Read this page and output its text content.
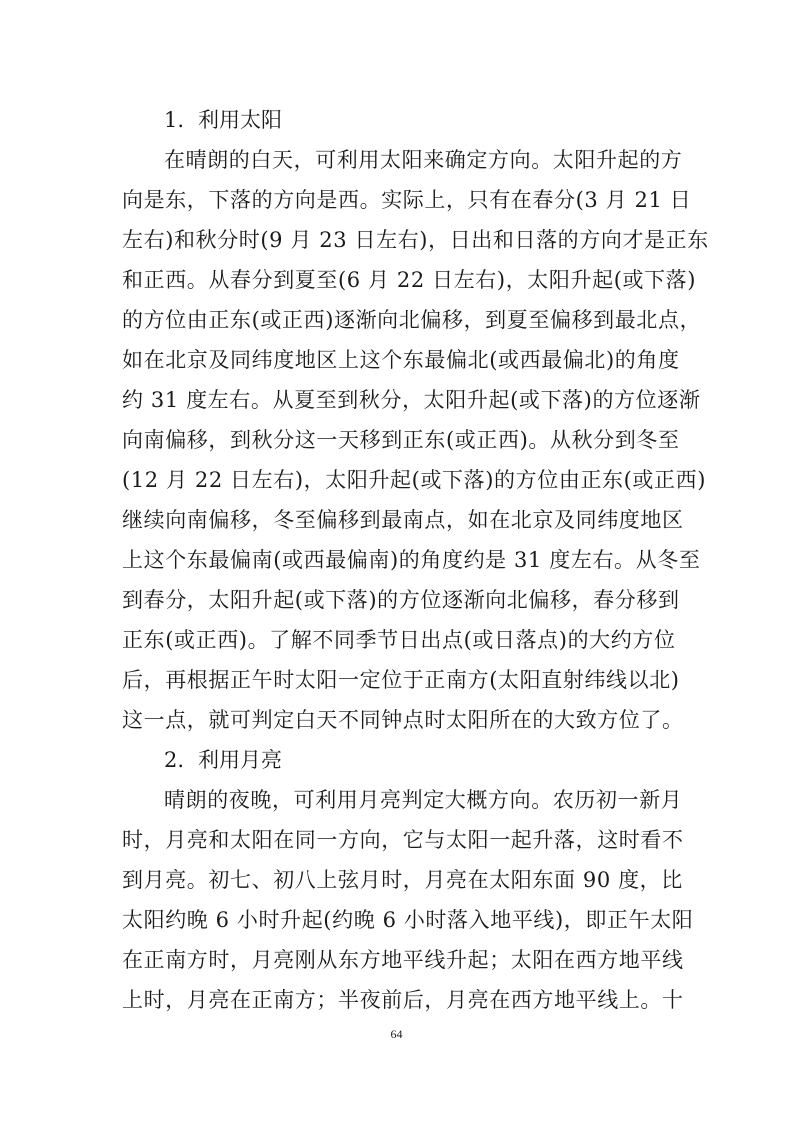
1. 利用太阳

在晴朗的白天，可利用太阳来确定方向。太阳升起的方
向是东，下落的方向是西。实际上，只有在春分(3 月 21 日
左右)和秋分时(9 月 23 日左右)，日出和日落的方向才是正东
和正西。从春分到夏至(6 月 22 日左右)，太阳升起(或下落)
的方位由正东(或正西)逐渐向北偏移，到夏至偏移到最北点，
如在北京及同纬度地区上这个东最偏北(或西最偏北)的角度
约 31 度左右。从夏至到秋分，太阳升起(或下落)的方位逐渐
向南偏移，到秋分这一天移到正东(或正西)。从秋分到冬至
(12 月 22 日左右)，太阳升起(或下落)的方位由正东(或正西)
继续向南偏移，冬至偏移到最南点，如在北京及同纬度地区
上这个东最偏南(或西最偏南)的角度约是 31 度左右。从冬至
到春分，太阳升起(或下落)的方位逐渐向北偏移，春分移到
正东(或正西)。了解不同季节日出点(或日落点)的大约方位
后，再根据正午时太阳一定位于正南方(太阳直射纬线以北)
这一点，就可判定白天不同钟点时太阳所在的大致方位了。

2. 利用月亮

晴朗的夜晚，可利用月亮判定大概方向。农历初一新月
时，月亮和太阳在同一方向，它与太阳一起升落，这时看不
到月亮。初七、初八上弦月时，月亮在太阳东面 90 度，比
太阳约晚 6 小时升起(约晚 6 小时落入地平线)，即正午太阳
在正南方时，月亮刚从东方地平线升起；太阳在西方地平线
上时，月亮在正南方；半夜前后，月亮在西方地平线上。十

64
